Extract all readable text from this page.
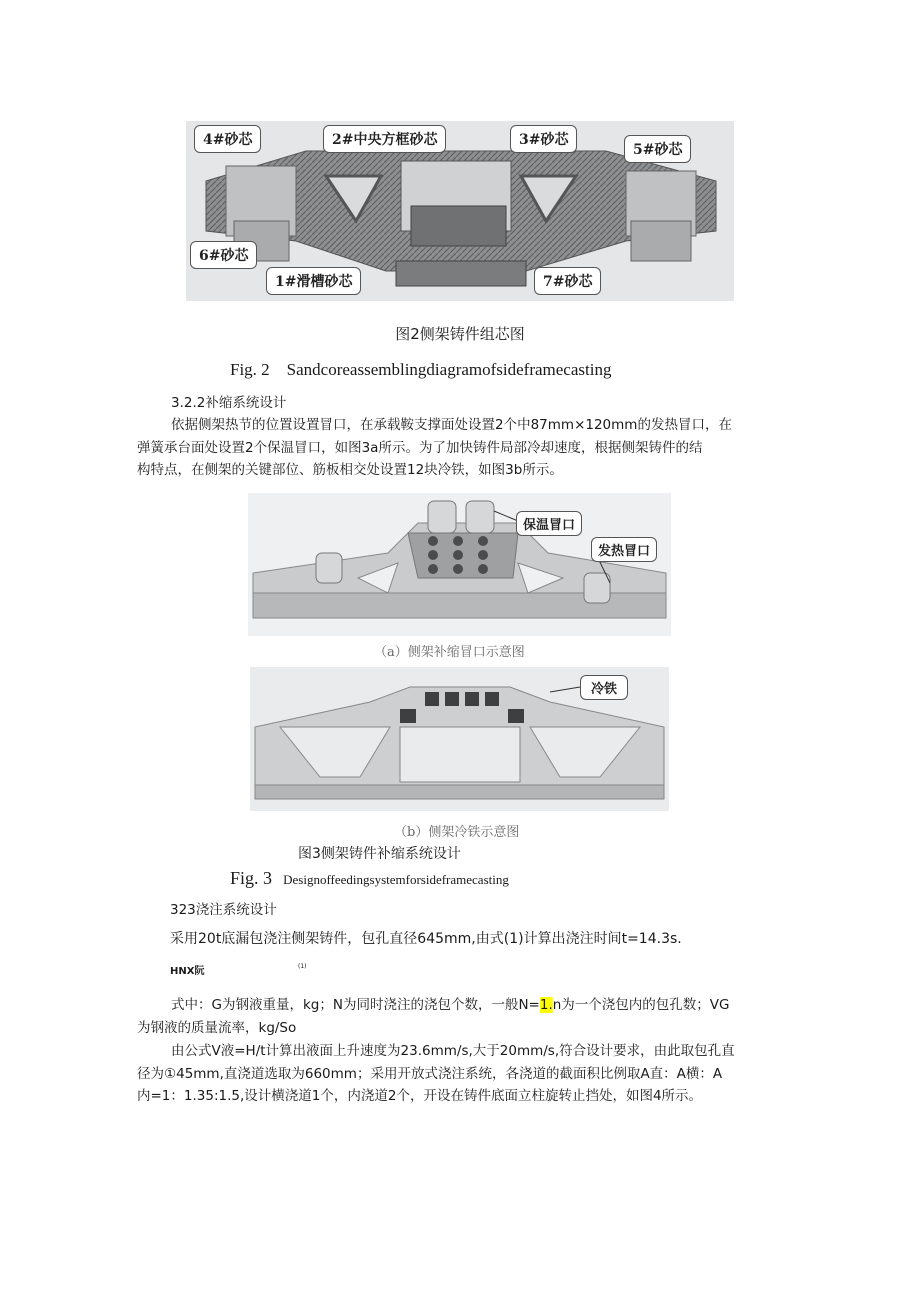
4#砂芯	2#中央方框砂芯	3#砂芯
5#砂芯
6#砂芯
1#滑槽砂芯	7#砂芯
图2侧架铸件组芯图
Fig. 2　Sandcoreassemblingdiagramofsideframecasting
3.2.2补缩系统设计
依据侧架热节的位置设置冒口，在承载鞍支撑面处设置2个中87mm×120mm的发热冒口，在
弹簧承台面处设置2个保温冒口，如图3a所示。为了加快铸件局部冷却速度，根据侧架铸件的结
构特点，在侧架的关键部位、筋板相交处设置12块冷铁，如图3b所示。
保温冒口
发热冒口
（a）侧架补缩冒口示意图
冷铁
（b）侧架冷铁示意图
图3侧架铸件补缩系统设计
Fig. 3 Designoffeedingsystemforsideframecasting
323浇注系统设计
采用20t底漏包浇注侧架铸件，包孔直径645mm,由式(1)计算出浇注时间t=14.3s.
HNX阮	(1)
式中：G为钢液重量，kg；N为同时浇注的浇包个数，一般N=1.n为一个浇包内的包孔数；VG
为钢液的质量流率，kg/So
由公式V液=H∕t计算出液面上升速度为23.6mm∕s,大于20mm∕s,符合设计要求，由此取包孔直
径为①45mm,直浇道选取为660mm；采用开放式浇注系统，各浇道的截面积比例取A直：A横：A
内=1：1.35:1.5,设计横浇道1个，内浇道2个，开设在铸件底面立柱旋转止挡处，如图4所示。
